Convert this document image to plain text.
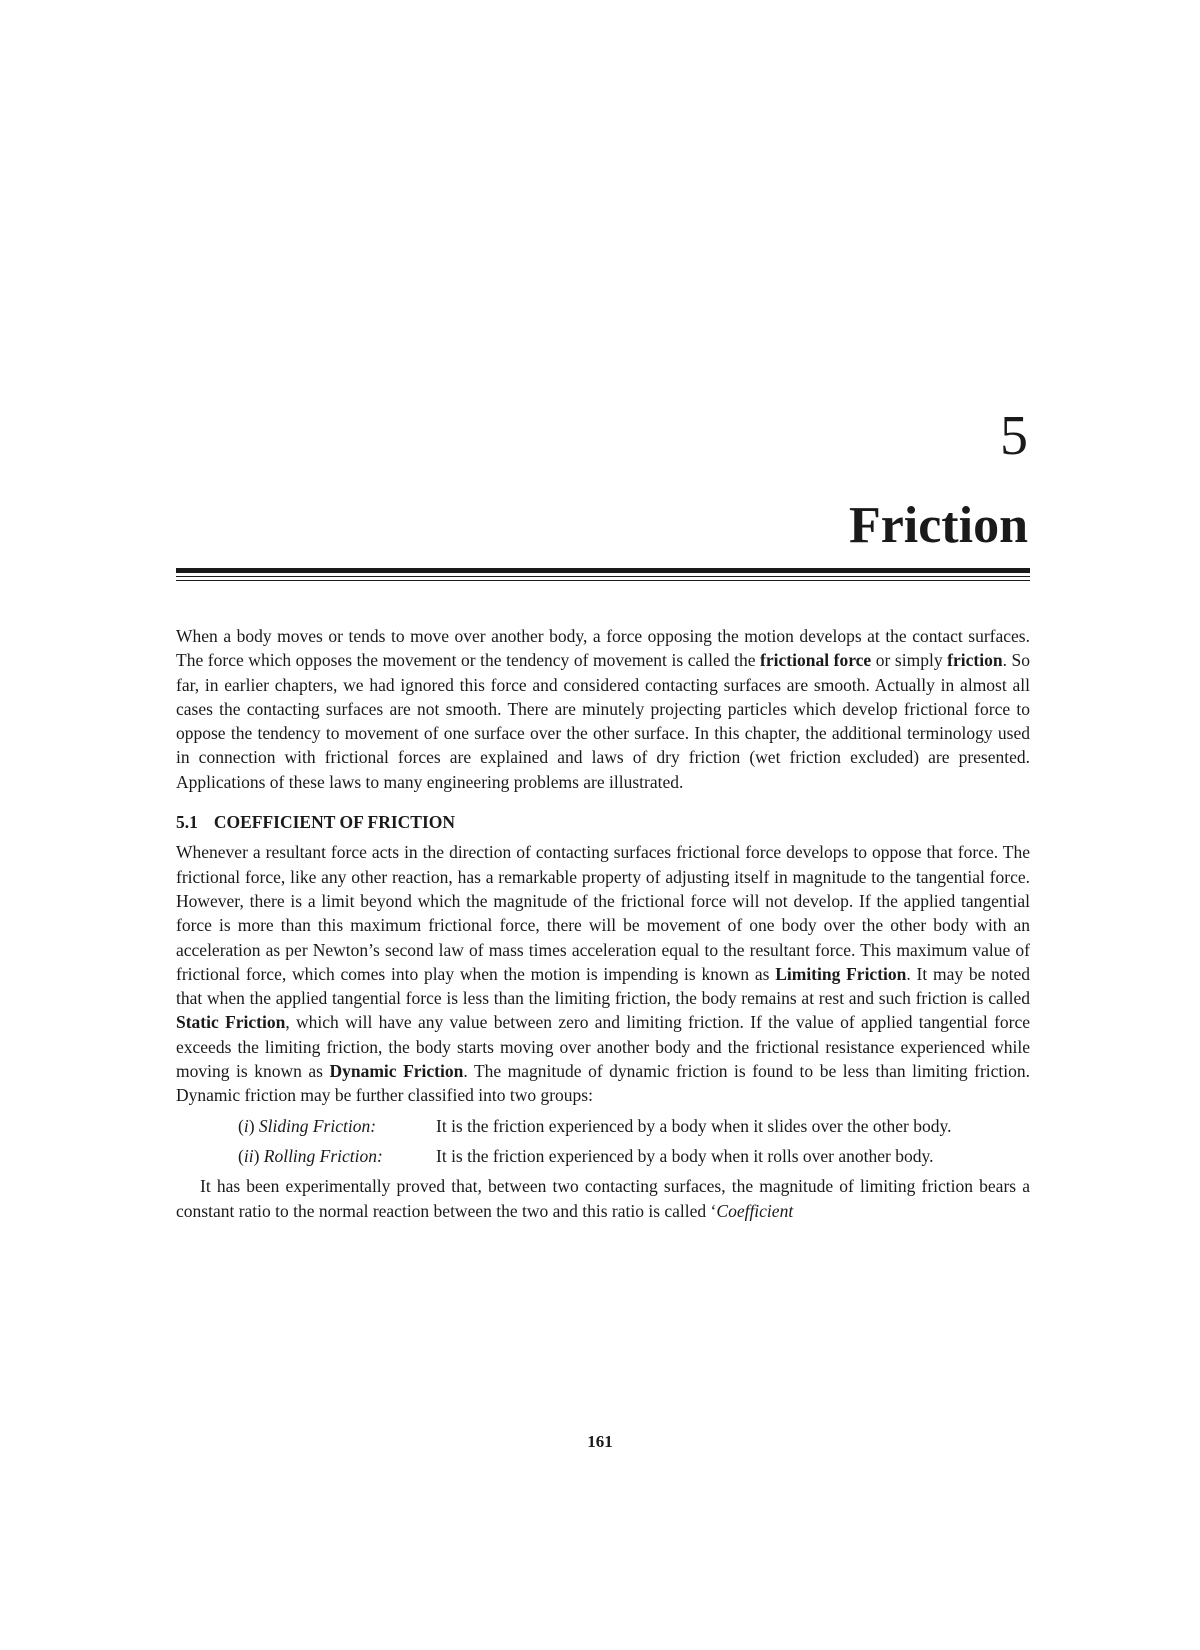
5
Friction

When a body moves or tends to move over another body, a force opposing the motion develops at the contact surfaces. The force which opposes the movement or the tendency of movement is called the frictional force or simply friction. So far, in earlier chapters, we had ignored this force and considered contacting surfaces are smooth. Actually in almost all cases the contacting surfaces are not smooth. There are minutely projecting particles which develop frictional force to oppose the tendency to movement of one surface over the other surface. In this chapter, the additional terminology used in connection with frictional forces are explained and laws of dry friction (wet friction excluded) are presented. Applications of these laws to many engineering problems are illustrated.

5.1 COEFFICIENT OF FRICTION

Whenever a resultant force acts in the direction of contacting surfaces frictional force develops to oppose that force. The frictional force, like any other reaction, has a remarkable property of adjusting itself in magnitude to the tangential force. However, there is a limit beyond which the magnitude of the frictional force will not develop. If the applied tangential force is more than this maximum frictional force, there will be movement of one body over the other body with an acceleration as per Newton’s second law of mass times acceleration equal to the resultant force. This maximum value of frictional force, which comes into play when the motion is impending is known as Limiting Friction. It may be noted that when the applied tangential force is less than the limiting friction, the body remains at rest and such friction is called Static Friction, which will have any value between zero and limiting friction. If the value of applied tangential force exceeds the limiting friction, the body starts moving over another body and the frictional resistance experienced while moving is known as Dynamic Friction. The magnitude of dynamic friction is found to be less than limiting friction. Dynamic friction may be further classified into two groups:

(i) Sliding Friction:	It is the friction experienced by a body when it slides over the other body.
(ii) Rolling Friction:	It is the friction experienced by a body when it rolls over another body.

It has been experimentally proved that, between two contacting surfaces, the magnitude of limiting friction bears a constant ratio to the normal reaction between the two and this ratio is called ‘Coefficient

161
